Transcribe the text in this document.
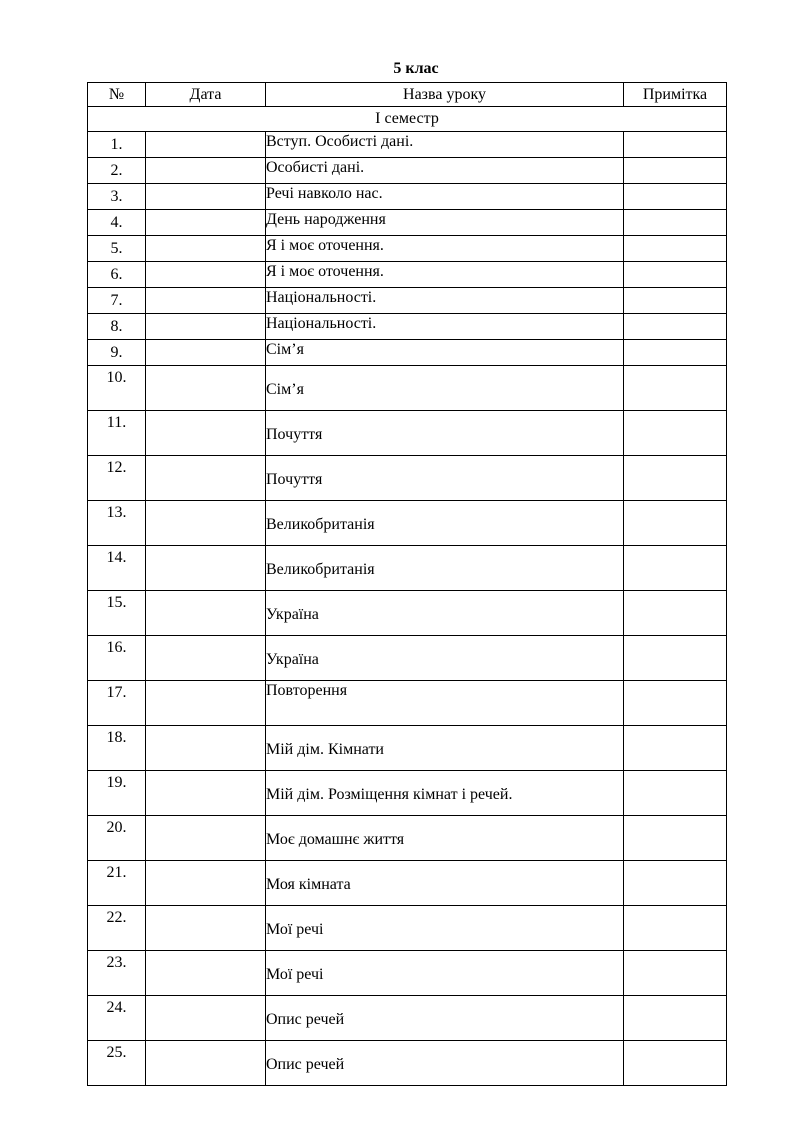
5 клас
№	Дата	Назва уроку	Примітка
І семестр			
1.		Вступ. Особисті дані.	
2.		Особисті дані.	
3.		Речі навколо нас.	
4.		День народження	
5.		Я і моє оточення.	
6.		Я і моє оточення.	
7.		Національності.	
8.		Національності.	
9.		Сім’я	
10.		Сім’я	
11.		Почуття	
12.		Почуття	
13.		Великобританія	
14.		Великобританія	
15.		Україна	
16.		Україна	
17.		Повторення	
18.		Мій дім. Кімнати	
19.		Мій дім. Розміщення кімнат і речей.	
20.		Моє домашнє життя	
21.		Моя кімната	
22.		Мої речі	
23.		Мої речі	
24.		Опис речей	
25.		Опис речей	
